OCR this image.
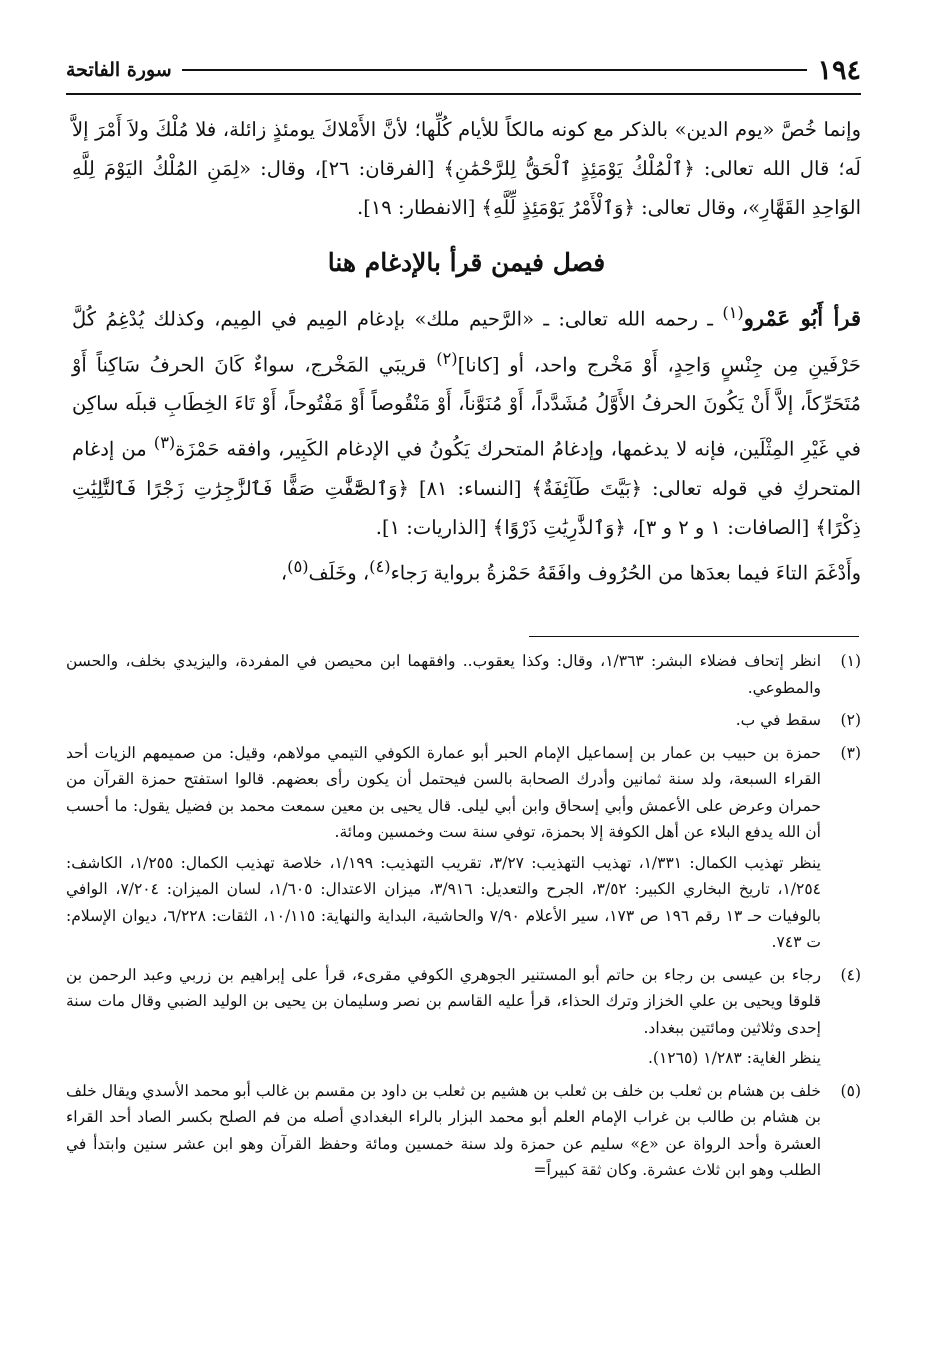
١٩٤
سورة الفاتحة

وإنما خُصَّ «يوم الدين» بالذكر مع كونه مالكاً للأيام كُلِّها؛ لأنَّ الأَمْلاكَ يومئذٍ زائلة، فلا مُلْكَ ولاَ أَمْرَ إلاَّ لَه؛ قال الله تعالى: ﴿ٱلْمُلْكُ يَوْمَئِذٍ ٱلْحَقُّ لِلرَّحْمَٰنِ﴾ [الفرقان: ٢٦]، وقال: «لِمَنِ المُلْكُ اليَوْمَ لِلَّهِ الوَاحِدِ القَهَّارِ»، وقال تعالى: ﴿وَٱلْأَمْرُ يَوْمَئِذٍ لِّلَّهِ﴾ [الانفطار: ١٩].

فصل فيمن قرأ بالإدغام هنا

قرأ أَبُو عَمْرو$^{(١)}$ ـ رحمه الله تعالى: ـ «الرَّحيم ملك» بإدغام المِيم في المِيم، وكذلك يُدْغِمُ كُلَّ حَرْفَينِ مِن جِنْسٍ وَاحِدٍ، أَوْ مَخْرج واحد، أو [كانا]$^{(٢)}$ قريبَي المَخْرج، سواءٌ كَانَ الحرفُ سَاكِناً أَوْ مُتَحَرِّكاً، إلاَّ أَنْ يَكُونَ الحرفُ الأَوَّلُ مُشَدَّداً، أَوْ مُنَوَّناً، أَوْ مَنْقُوصاً أَوْ مَفْتُوحاً، أَوْ تَاءَ الخِطَابِ قبلَه ساكِن في غَيْرِ المِثْلَين، فإنه لا يدغمها، وإدغامُ المتحرك يَكُونُ في الإدغام الكَبِير، وافقه حَمْزَة$^{(٣)}$ من إدغام المتحركِ في قوله تعالى: ﴿بَيَّتَ طَآئِفَةٌ﴾ [النساء: ٨١] ﴿وَٱلصَّٰٓفَّٰتِ صَفًّا فَٱلزَّٰجِرَٰتِ زَجْرًا فَٱلتَّٰلِيَٰتِ ذِكْرًا﴾ [الصافات: ١ و ٢ و ٣]، ﴿وَٱلذَّٰرِيَٰتِ ذَرْوًا﴾ [الذاريات: ١].

وأَدْغَمَ التاءَ فيما بعدَها من الحُرُوف وافَقَهُ حَمْزةُ برواية رَجاء$^{(٤)}$، وخَلَف$^{(٥)}$،

(١)

انظر إتحاف فضلاء البشر: ١/٣٦٣، وقال: وكذا يعقوب.. وافقهما ابن محيصن في المفردة، واليزيدي بخلف، والحسن والمطوعي.

(٢)

سقط في ب.

(٣)

حمزة بن حبيب بن عمار بن إسماعيل الإمام الحبر أبو عمارة الكوفي التيمي مولاهم، وقيل: من صميمهم الزيات أحد القراء السبعة، ولد سنة ثمانين وأدرك الصحابة بالسن فيحتمل أن يكون رأى بعضهم. قالوا استفتح حمزة القرآن من حمران وعرض على الأعمش وأبي إسحاق وابن أبي ليلى. قال يحيى بن معين سمعت محمد بن فضيل يقول: ما أحسب أن الله يدفع البلاء عن أهل الكوفة إلا بحمزة، توفي سنة ست وخمسين ومائة.

ينظر تهذيب الكمال: ١/٣٣١، تهذيب التهذيب: ٣/٢٧، تقريب التهذيب: ١/١٩٩، خلاصة تهذيب الكمال: ١/٢٥٥، الكاشف: ١/٢٥٤، تاريخ البخاري الكبير: ٣/٥٢، الجرح والتعديل: ٣/٩١٦، ميزان الاعتدال: ١/٦٠٥، لسان الميزان: ٧/٢٠٤، الوافي بالوفيات حـ ١٣ رقم ١٩٦ ص ١٧٣، سير الأعلام ٧/٩٠ والحاشية، البداية والنهاية: ١٠/١١٥، الثقات: ٦/٢٢٨، ديوان الإسلام: ت ٧٤٣.

(٤)

رجاء بن عيسى بن رجاء بن حاتم أبو المستنير الجوهري الكوفي مقرىء، قرأ على إبراهيم بن زربي وعبد الرحمن بن قلوقا ويحيى بن علي الخزاز وترك الحذاء، قرأ عليه القاسم بن نصر وسليمان بن يحيى بن الوليد الضبي وقال مات سنة إحدى وثلاثين ومائتين ببغداد.

ينظر الغاية: ١/٢٨٣ (١٢٦٥).

(٥)

خلف بن هشام بن ثعلب بن خلف بن ثعلب بن هشيم بن ثعلب بن داود بن مقسم بن غالب أبو محمد الأسدي ويقال خلف بن هشام بن طالب بن غراب الإمام العلم أبو محمد البزار بالراء البغدادي أصله من فم الصلح بكسر الصاد أحد القراء العشرة وأحد الرواة عن «ع» سليم عن حمزة ولد سنة خمسين ومائة وحفظ القرآن وهو ابن عشر سنين وابتدأ في الطلب وهو ابن ثلاث عشرة. وكان ثقة كبيراً=
